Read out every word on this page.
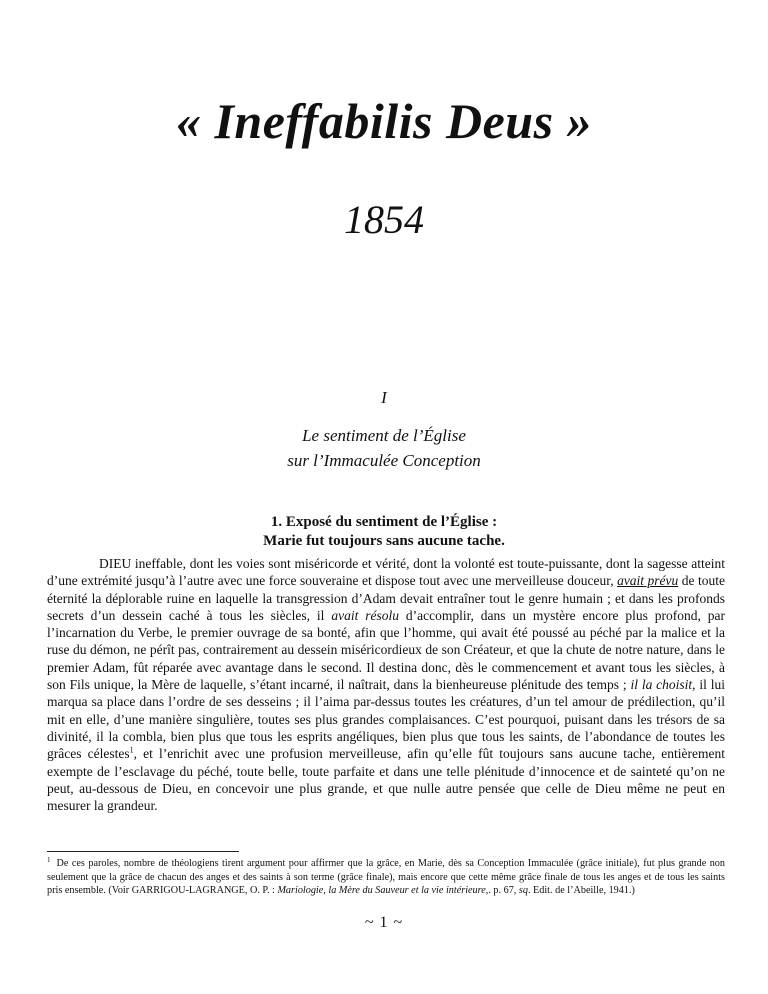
« Ineffabilis Deus »
1854
I
Le sentiment de l’Église
sur l’Immaculée Conception
1. Exposé du sentiment de l’Église :
Marie fut toujours sans aucune tache.

DIEU ineffable, dont les voies sont miséricorde et vérité, dont la volonté est toute-puissante, dont la sagesse atteint d’une extrémité jusqu’à l’autre avec une force souveraine et dispose tout avec une merveilleuse douceur, avait prévu de toute éternité la déplorable ruine en laquelle la transgression d’Adam devait entraîner tout le genre humain ; et dans les profonds secrets d’un dessein caché à tous les siècles, il avait résolu d’accomplir, dans un mystère encore plus profond, par l’incarnation du Verbe, le premier ouvrage de sa bonté, afin que l’homme, qui avait été poussé au péché par la malice et la ruse du démon, ne pérît pas, contrairement au dessein miséricordieux de son Créateur, et que la chute de notre nature, dans le premier Adam, fût réparée avec avantage dans le second. Il destina donc, dès le commencement et avant tous les siècles, à son Fils unique, la Mère de laquelle, s’étant incarné, il naîtrait, dans la bienheureuse plénitude des temps ; il la choisit, il lui marqua sa place dans l’ordre de ses desseins ; il l’aima par-dessus toutes les créatures, d’un tel amour de prédilection, qu’il mit en elle, d’une manière singulière, toutes ses plus grandes complaisances. C’est pourquoi, puisant dans les trésors de sa divinité, il la combla, bien plus que tous les esprits angéliques, bien plus que tous les saints, de l’abondance de toutes les grâces célestes$^1$, et l’enrichit avec une profusion merveilleuse, afin qu’elle fût toujours sans aucune tache, entièrement exempte de l’esclavage du péché, toute belle, toute parfaite et dans une telle plénitude d’innocence et de sainteté qu’on ne peut, au-dessous de Dieu, en concevoir une plus grande, et que nulle autre pensée que celle de Dieu même ne peut en mesurer la grandeur.

$^1$ De ces paroles, nombre de théologiens tirent argument pour affirmer que la grâce, en Marie, dès sa Conception Immaculée (grâce initiale), fut plus grande non seulement que la grâce de chacun des anges et des saints à son terme (grâce finale), mais encore que cette même grâce finale de tous les anges et de tous les saints pris ensemble. (Voir GARRIGOU-LAGRANGE, O. P. : Mariologie, la Mère du Sauveur et la vie intérieure,. p. 67, sq. Edit. de l’Abeille, 1941.)

~ 1 ~
